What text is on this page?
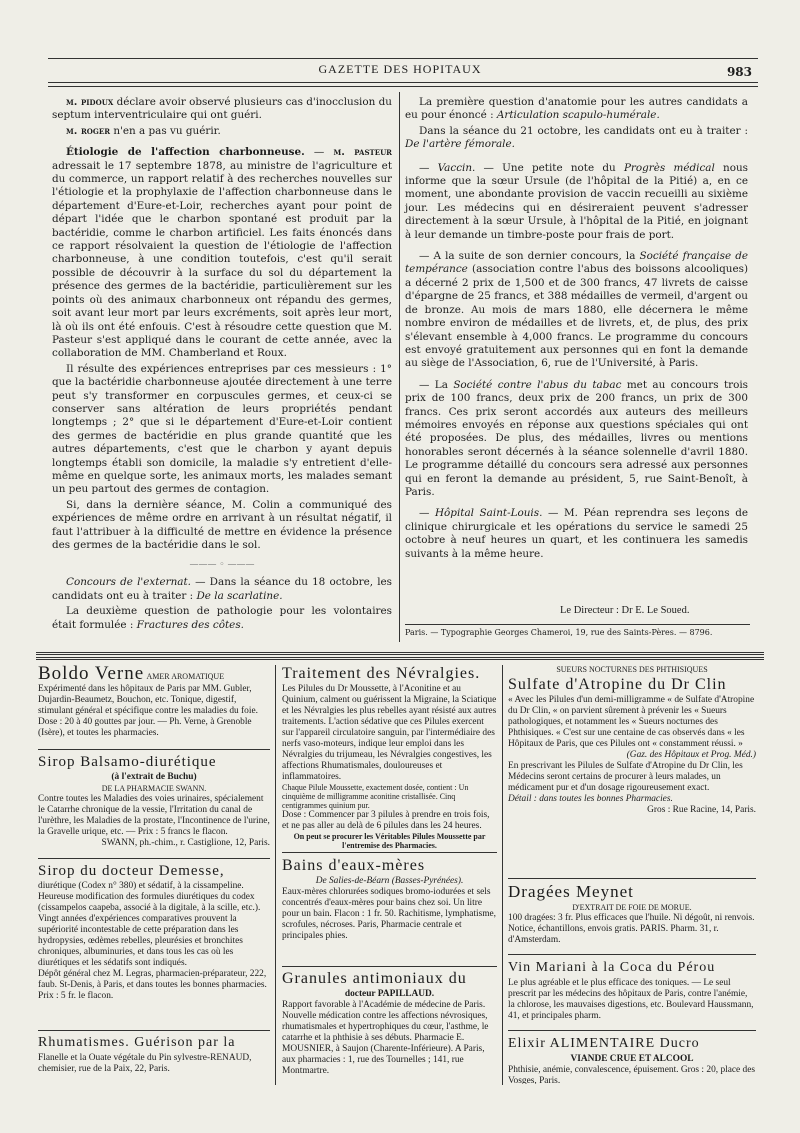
GAZETTE DES HOPITAUX	983

m. pidoux déclare avoir observé plusieurs cas d'inocclusion du septum interventriculaire qui ont guéri.

m. roger n'en a pas vu guérir.

Étiologie de l'affection charbonneuse. — m. pasteur adressait le 17 septembre 1878, au ministre de l'agriculture et du commerce, un rapport relatif à des recherches nouvelles sur l'étiologie et la prophylaxie de l'affection charbonneuse dans le département d'Eure-et-Loir, recherches ayant pour point de départ l'idée que le charbon spontané est produit par la bactéridie, comme le charbon artificiel. Les faits énoncés dans ce rapport résolvaient la question de l'étiologie de l'affection charbonneuse, à une condition toutefois, c'est qu'il serait possible de découvrir à la surface du sol du département la présence des germes de la bactéridie, particulièrement sur les points où des animaux charbonneux ont répandu des germes, soit avant leur mort par leurs excréments, soit après leur mort, là où ils ont été enfouis. C'est à résoudre cette question que M. Pasteur s'est appliqué dans le courant de cette année, avec la collaboration de MM. Chamberland et Roux.

Il résulte des expériences entreprises par ces messieurs : 1° que la bactéridie charbonneuse ajoutée directement à une terre peut s'y transformer en corpuscules germes, et ceux-ci se conserver sans altération de leurs propriétés pendant longtemps ; 2° que si le département d'Eure-et-Loir contient des germes de bactéridie en plus grande quantité que les autres départements, c'est que le charbon y ayant depuis longtemps établi son domicile, la maladie s'y entretient d'elle-même en quelque sorte, les animaux morts, les malades semant un peu partout des germes de contagion.

Si, dans la dernière séance, M. Colin a communiqué des expériences de même ordre en arrivant à un résultat négatif, il faut l'attribuer à la difficulté de mettre en évidence la présence des germes de la bactéridie dans le sol.

——— ◦ ———

Concours de l'externat. — Dans la séance du 18 octobre, les candidats ont eu à traiter : De la scarlatine.

La deuxième question de pathologie pour les volontaires était formulée : Fractures des côtes.

La première question d'anatomie pour les autres candidats a eu pour énoncé : Articulation scapulo-humérale.

Dans la séance du 21 octobre, les candidats ont eu à traiter : De l'artère fémorale.

— Vaccin. — Une petite note du Progrès médical nous informe que la sœur Ursule (de l'hôpital de la Pitié) a, en ce moment, une abondante provision de vaccin recueilli au sixième jour. Les médecins qui en désireraient peuvent s'adresser directement à la sœur Ursule, à l'hôpital de la Pitié, en joignant à leur demande un timbre-poste pour frais de port.

— A la suite de son dernier concours, la Société française de tempérance (association contre l'abus des boissons alcooliques) a décerné 2 prix de 1,500 et de 300 francs, 47 livrets de caisse d'épargne de 25 francs, et 388 médailles de vermeil, d'argent ou de bronze. Au mois de mars 1880, elle décernera le même nombre environ de médailles et de livrets, et, de plus, des prix s'élevant ensemble à 4,000 francs. Le programme du concours est envoyé gratuitement aux personnes qui en font la demande au siège de l'Association, 6, rue de l'Université, à Paris.

— La Société contre l'abus du tabac met au concours trois prix de 100 francs, deux prix de 200 francs, un prix de 300 francs. Ces prix seront accordés aux auteurs des meilleurs mémoires envoyés en réponse aux questions spéciales qui ont été proposées. De plus, des médailles, livres ou mentions honorables seront décernés à la séance solennelle d'avril 1880. Le programme détaillé du concours sera adressé aux personnes qui en feront la demande au président, 5, rue Saint-Benoît, à Paris.

— Hôpital Saint-Louis. — M. Péan reprendra ses leçons de clinique chirurgicale et les opérations du service le samedi 25 octobre à neuf heures un quart, et les continuera les samedis suivants à la même heure.

Le Directeur : Dr E. Le Soued.
Paris. — Typographie Georges Chameroi, 19, rue des Saints-Pères. — 8796.
Boldo Verne AMER AROMATIQUE
Expérimenté dans les hôpitaux de Paris par MM. Gubler, Dujardin-Beaumetz, Bouchon, etc. Tonique, digestif, stimulant général et spécifique contre les maladies du foie.
Dose : 20 à 40 gouttes par jour. — Ph. Verne, à Grenoble (Isère), et toutes les pharmacies.
Sirop Balsamo-diurétique
(à l'extrait de Buchu)
DE LA PHARMACIE SWANN.
Contre toutes les Maladies des voies urinaires, spécialement le Catarrhe chronique de la vessie, l'Irritation du canal de l'urèthre, les Maladies de la prostate, l'Incontinence de l'urine, la Gravelle urique, etc. — Prix : 5 francs le flacon.
SWANN, ph.-chim., r. Castiglione, 12, Paris.
Sirop du docteur Demesse,
diurétique (Codex n° 380) et sédatif, à la cissampeline. Heureuse modification des formules diurétiques du codex (cissampelos caapeba, associé à la digitale, à la scille, etc.). Vingt années d'expériences comparatives prouvent la supériorité incontestable de cette préparation dans les hydropysies, œdèmes rebelles, pleurésies et bronchites chroniques, albuminuries, et dans tous les cas où les diurétiques et les sédatifs sont indiqués.
Dépôt général chez M. Legras, pharmacien-préparateur, 222, faub. St-Denis, à Paris, et dans toutes les bonnes pharmacies. Prix : 5 fr. le flacon.
Rhumatismes. Guérison par la
Flanelle et la Ouate végétale du Pin sylvestre-RENAUD, chemisier, rue de la Paix, 22, Paris.
Traitement des Névralgies.
Les Pilules du Dr Moussette, à l'Aconitine et au Quinium, calment ou guérissent la Migraine, la Sciatique et les Névralgies les plus rebelles ayant résisté aux autres traitements. L'action sédative que ces Pilules exercent sur l'appareil circulatoire sanguin, par l'intermédiaire des nerfs vaso-moteurs, indique leur emploi dans les Névralgies du trijumeau, les Névralgies congestives, les affections Rhumatismales, douloureuses et inflammatoires.
Chaque Pilule Moussette, exactement dosée, contient : Un cinquième de milligramme aconitine cristallisée. Cinq centigrammes quinium pur.
Dose : Commencer par 3 pilules à prendre en trois fois, et ne pas aller au delà de 6 pilules dans les 24 heures.
On peut se procurer les Véritables Pilules Moussette par l'entremise des Pharmacies.
Bains d'eaux-mères
De Salies-de-Béarn (Basses-Pyrénées).
Eaux-mères chlorurées sodiques bromo-iodurées et sels concentrés d'eaux-mères pour bains chez soi. Un litre pour un bain. Flacon : 1 fr. 50. Rachitisme, lymphatisme, scrofules, nécroses. Paris, Pharmacie centrale et principales phies.
Granules antimoniaux du
docteur PAPILLAUD.
Rapport favorable à l'Académie de médecine de Paris. Nouvelle médication contre les affections névrosiques, rhumatismales et hypertrophiques du cœur, l'asthme, le catarrhe et la phthisie à ses débuts. Pharmacie E. MOUSNIER, à Saujon (Charente-Inférieure). A Paris, aux pharmacies : 1, rue des Tournelles ; 141, rue Montmartre.
SUEURS NOCTURNES DES PHTHISIQUES
Sulfate d'Atropine du Dr Clin
« Avec les Pilules d'un demi-milligramme « de Sulfate d'Atropine du Dr Clin, « on parvient sûrement à prévenir les « Sueurs pathologiques, et notamment les « Sueurs nocturnes des Phthisiques. « C'est sur une centaine de cas observés dans « les Hôpitaux de Paris, que ces Pilules ont « constamment réussi. »
(Gaz. des Hôpitaux et Prog. Méd.)
En prescrivant les Pilules de Sulfate d'Atropine du Dr Clin, les Médecins seront certains de procurer à leurs malades, un médicament pur et d'un dosage rigoureusement exact.
Détail : dans toutes les bonnes Pharmacies.
Gros : Rue Racine, 14, Paris.
Dragées Meynet
D'EXTRAIT DE FOIE DE MORUE.
100 dragées: 3 fr. Plus efficaces que l'huile. Ni dégoût, ni renvois. Notice, échantillons, envois gratis. PARIS. Pharm. 31, r. d'Amsterdam.
Vin Mariani à la Coca du Pérou
Le plus agréable et le plus efficace des toniques. — Le seul prescrit par les médecins des hôpitaux de Paris, contre l'anémie, la chlorose, les mauvaises digestions, etc. Boulevard Haussmann, 41, et principales pharm.
Elixir ALIMENTAIRE Ducro
VIANDE CRUE ET ALCOOL
Phthisie, anémie, convalescence, épuisement. Gros : 20, place des Vosges, Paris.
